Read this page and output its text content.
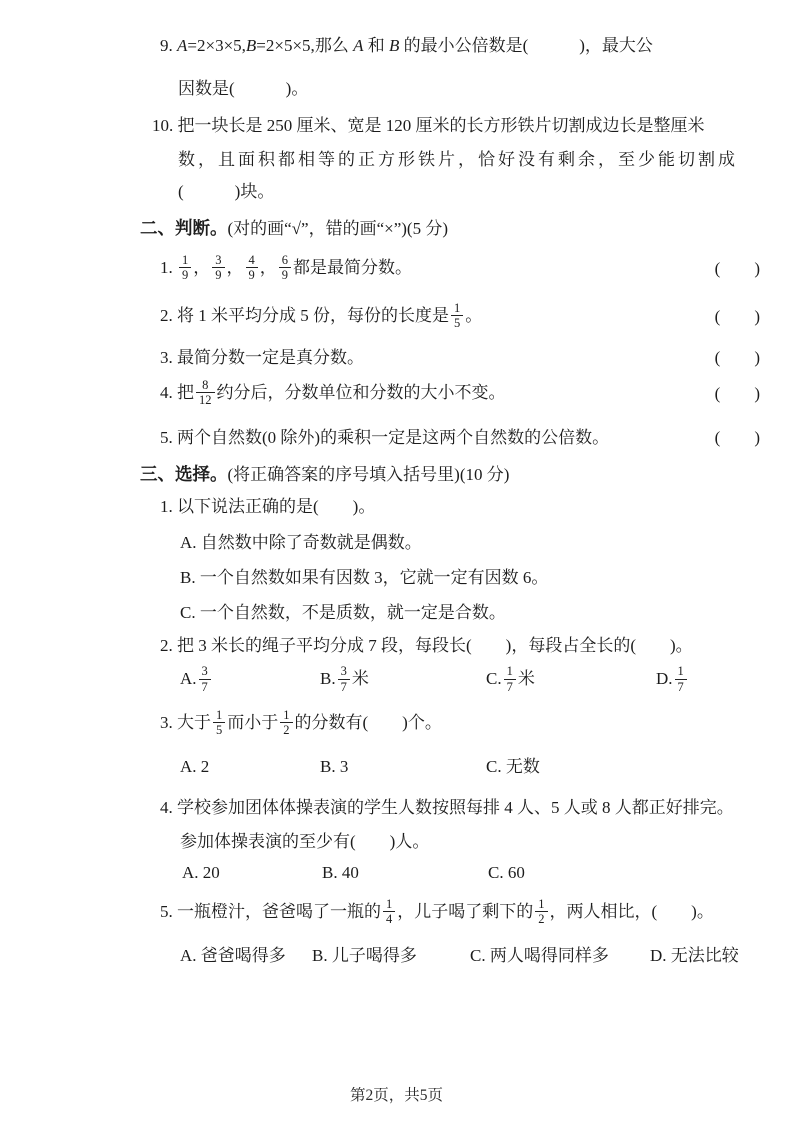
9. A=2×3×5,B=2×5×5,那么 A 和 B 的最小公倍数是(　　　)，最大公
因数是(　　　)。
10. 把一块长是 250 厘米、宽是 120 厘米的长方形铁片切割成边长是整厘米
数，且面积都相等的正方形铁片，恰好没有剩余，至少能切割成
(　　　)块。
二、判断。(对的画“√”，错的画“×”)(5 分)
1. $\frac{1}{9}$ ， $\frac{3}{9}$ ， $\frac{4}{9}$ ， $\frac{6}{9}$ 都是最简分数。	(　　)
2. 将 1 米平均分成 5 份，每份的长度是 $\frac{1}{5}$ 。	(　　)
3. 最简分数一定是真分数。	(　　)
4. 把 $\frac{8}{12}$ 约分后，分数单位和分数的大小不变。	(　　)
5. 两个自然数(0 除外)的乘积一定是这两个自然数的公倍数。	(　　)
三、选择。(将正确答案的序号填入括号里)(10 分)
1. 以下说法正确的是(　　)。
A. 自然数中除了奇数就是偶数。
B. 一个自然数如果有因数 3，它就一定有因数 6。
C. 一个自然数，不是质数，就一定是合数。
2. 把 3 米长的绳子平均分成 7 段，每段长(　　)，每段占全长的(　　)。
A. $\frac{3}{7}$	B. $\frac{3}{7}$ 米	C. $\frac{1}{7}$ 米	D. $\frac{1}{7}$
3. 大于 $\frac{1}{5}$ 而小于 $\frac{1}{2}$ 的分数有(　　)个。
A. 2	B. 3	C. 无数
4. 学校参加团体体操表演的学生人数按照每排 4 人、5 人或 8 人都正好排完。
参加体操表演的至少有(　　)人。
A. 20	B. 40	C. 60
5. 一瓶橙汁，爸爸喝了一瓶的 $\frac{1}{4}$ ，儿子喝了剩下的 $\frac{1}{2}$ ，两人相比，(　　)。
A. 爸爸喝得多	B. 儿子喝得多	C. 两人喝得同样多	D. 无法比较
第2页，共5页
